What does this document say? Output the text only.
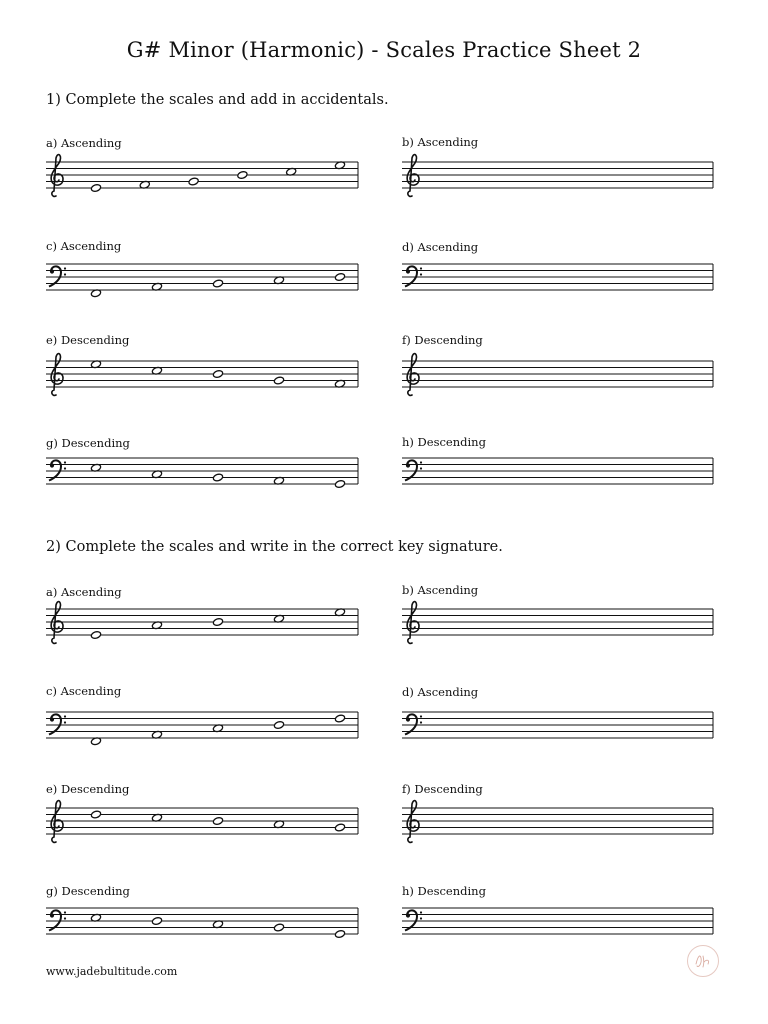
G# Minor (Harmonic) - Scales Practice Sheet 2
1) Complete the scales and add in accidentals.
2) Complete the scales and write in the correct key signature.
a) Ascending	b) Ascending
c) Ascending	d) Ascending
e) Descending	f) Descending
g) Descending	h) Descending
a) Ascending	b) Ascending
c) Ascending	d) Ascending
e) Descending	f) Descending
g) Descending	h) Descending
www.jadebultitude.com
